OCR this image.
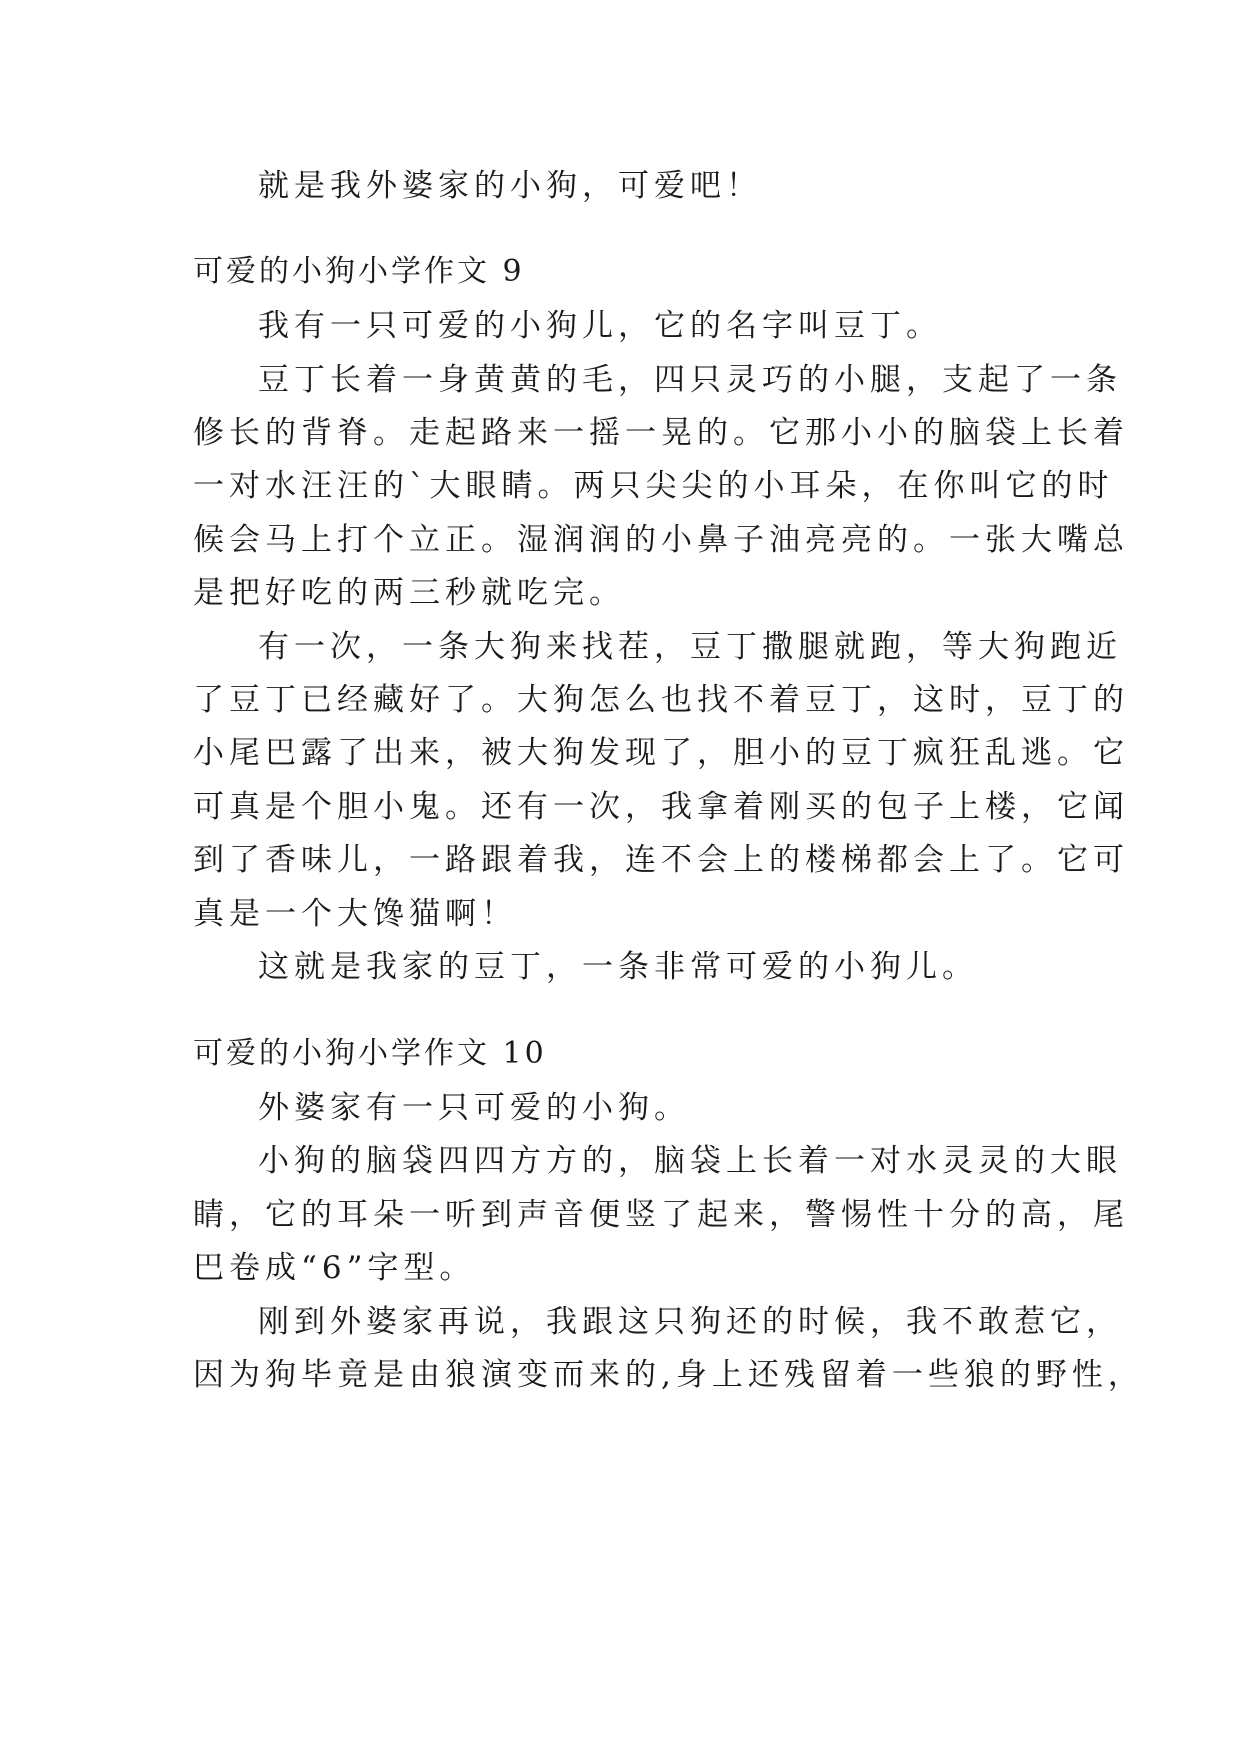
就是我外婆家的小狗，可爱吧！
可爱的小狗小学作文 9
我有一只可爱的小狗儿，它的名字叫豆丁。
豆丁长着一身黄黄的毛，四只灵巧的小腿，支起了一条
修长的背脊。走起路来一摇一晃的。它那小小的脑袋上长着
一对水汪汪的`大眼睛。两只尖尖的小耳朵，在你叫它的时
候会马上打个立正。湿润润的小鼻子油亮亮的。一张大嘴总
是把好吃的两三秒就吃完。
有一次，一条大狗来找茬，豆丁撒腿就跑，等大狗跑近
了豆丁已经藏好了。大狗怎么也找不着豆丁，这时，豆丁的
小尾巴露了出来，被大狗发现了，胆小的豆丁疯狂乱逃。它
可真是个胆小鬼。还有一次，我拿着刚买的包子上楼，它闻
到了香味儿，一路跟着我，连不会上的楼梯都会上了。它可
真是一个大馋猫啊！
这就是我家的豆丁，一条非常可爱的小狗儿。
可爱的小狗小学作文 10
外婆家有一只可爱的小狗。
小狗的脑袋四四方方的，脑袋上长着一对水灵灵的大眼
睛，它的耳朵一听到声音便竖了起来，警惕性十分的高，尾
巴卷成“6”字型。
刚到外婆家再说，我跟这只狗还的时候，我不敢惹它，
因为狗毕竟是由狼演变而来的,身上还残留着一些狼的野性，
